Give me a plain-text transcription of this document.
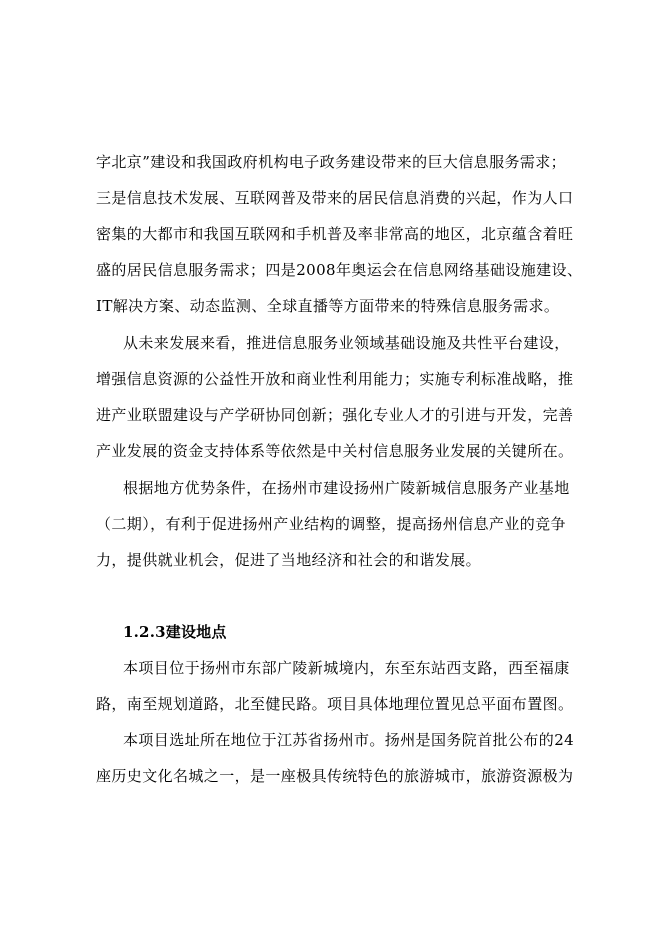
字北京”建设和我国政府机构电子政务建设带来的巨大信息服务需求；
三是信息技术发展、互联网普及带来的居民信息消费的兴起，作为人口
密集的大都市和我国互联网和手机普及率非常高的地区，北京蕴含着旺
盛的居民信息服务需求；四是2008年奥运会在信息网络基础设施建设、
IT解决方案、动态监测、全球直播等方面带来的特殊信息服务需求。
从未来发展来看，推进信息服务业领域基础设施及共性平台建设，
增强信息资源的公益性开放和商业性利用能力；实施专利标准战略，推
进产业联盟建设与产学研协同创新；强化专业人才的引进与开发，完善
产业发展的资金支持体系等依然是中关村信息服务业发展的关键所在。
根据地方优势条件，在扬州市建设扬州广陵新城信息服务产业基地
（二期），有利于促进扬州产业结构的调整，提高扬州信息产业的竞争
力，提供就业机会，促进了当地经济和社会的和谐发展。
1.2.3建设地点
本项目位于扬州市东部广陵新城境内，东至东站西支路，西至福康
路，南至规划道路，北至健民路。项目具体地理位置见总平面布置图。
本项目选址所在地位于江苏省扬州市。扬州是国务院首批公布的24
座历史文化名城之一，是一座极具传统特色的旅游城市，旅游资源极为
